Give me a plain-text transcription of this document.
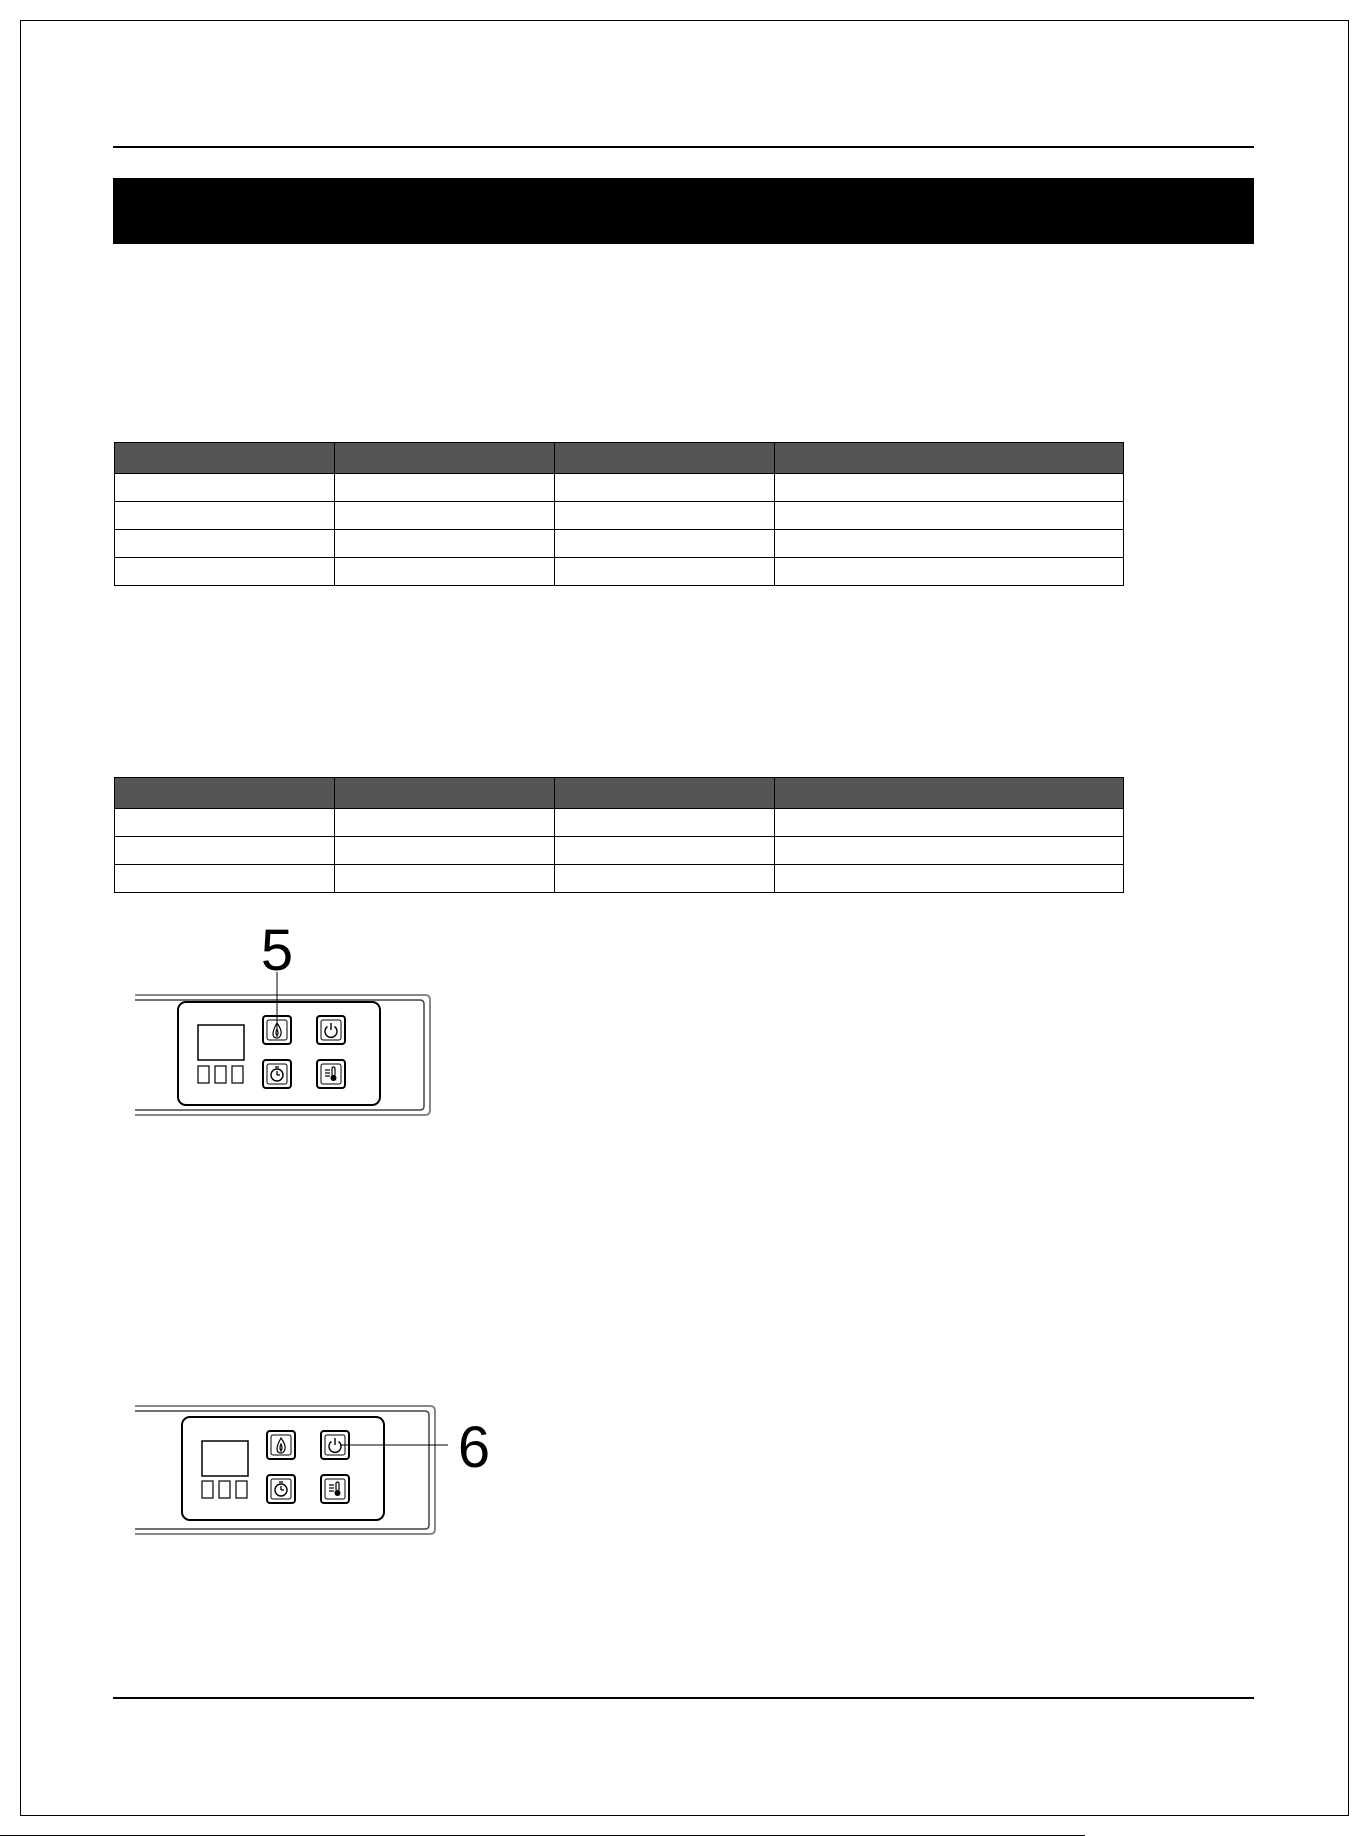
5
6
